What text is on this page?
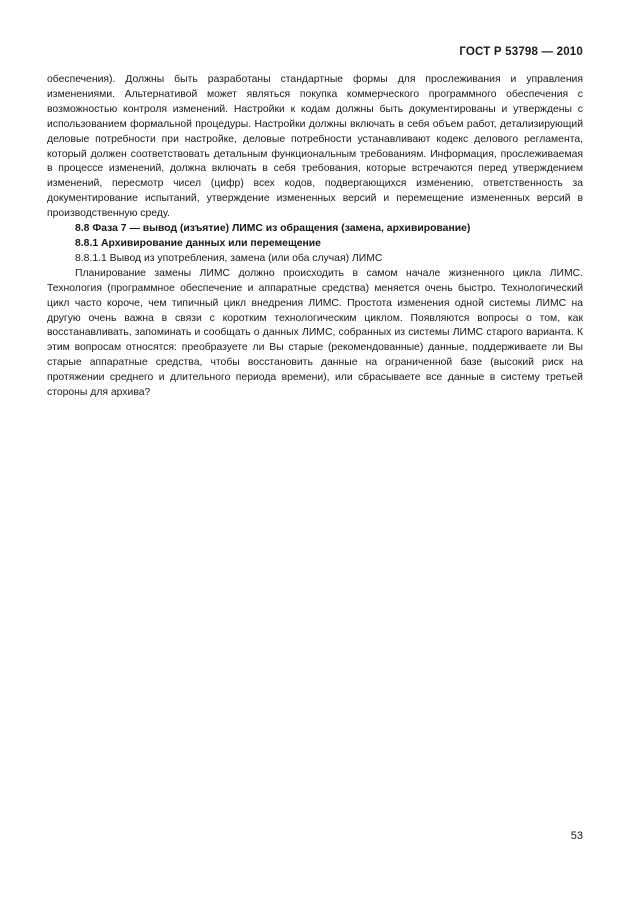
ГОСТ Р 53798 — 2010

обеспечения). Должны быть разработаны стандартные формы для прослеживания и управления изменениями. Альтернативой может являться покупка коммерческого программного обеспечения с возможностью контроля изменений. Настройки к кодам должны быть документированы и утверждены с использованием формальной процедуры. Настройки должны включать в себя объем работ, детализирующий деловые потребности при настройке, деловые потребности устанавливают кодекс делового регламента, который должен соответствовать детальным функциональным требованиям. Информация, прослеживаемая в процессе изменений, должна включать в себя требования, которые встречаются перед утверждением изменений, пересмотр чисел (цифр) всех кодов, подвергающихся изменению, ответственность за документирование испытаний, утверждение измененных версий и перемещение измененных версий в производственную среду.

8.8 Фаза 7 — вывод (изъятие) ЛИМС из обращения (замена, архивирование)

8.8.1 Архивирование данных или перемещение

8.8.1.1 Вывод из употребления, замена (или оба случая) ЛИМС

Планирование замены ЛИМС должно происходить в самом начале жизненного цикла ЛИМС. Технология (программное обеспечение и аппаратные средства) меняется очень быстро. Технологический цикл часто короче, чем типичный цикл внедрения ЛИМС. Простота изменения одной системы ЛИМС на другую очень важна в связи с коротким технологическим циклом. Появляются вопросы о том, как восстанавливать, запоминать и сообщать о данных ЛИМС, собранных из системы ЛИМС старого варианта. К этим вопросам относятся: преобразуете ли Вы старые (рекомендованные) данные, поддерживаете ли Вы старые аппаратные средства, чтобы восстановить данные на ограниченной базе (высокий риск на протяжении среднего и длительного периода времени), или сбрасываете все данные в систему третьей стороны для архива?

53
